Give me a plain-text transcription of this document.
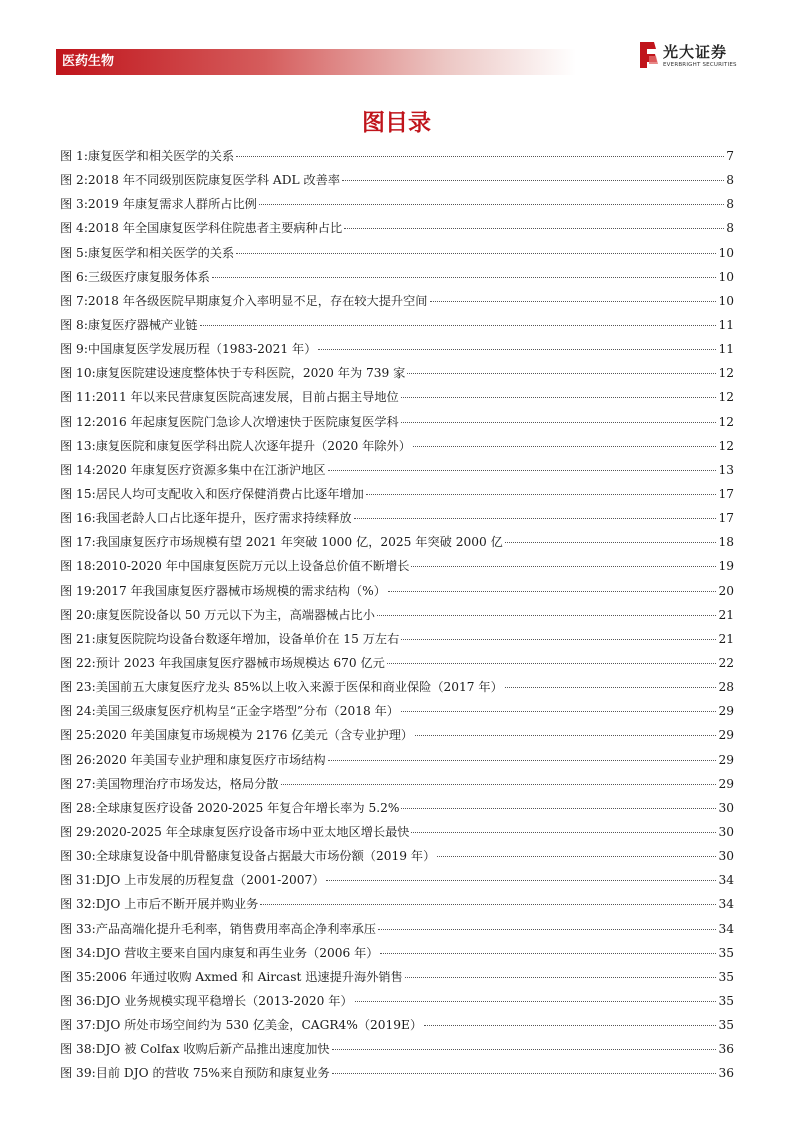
医药生物
光大证券
EVERBRIGHT SECURITIES
图目录
图 1: 康复医学和相关医学的关系	7
图 2: 2018 年不同级别医院康复医学科 ADL 改善率	8
图 3: 2019 年康复需求人群所占比例	8
图 4: 2018 年全国康复医学科住院患者主要病种占比	8
图 5: 康复医学和相关医学的关系	10
图 6: 三级医疗康复服务体系	10
图 7: 2018 年各级医院早期康复介入率明显不足，存在较大提升空间	10
图 8: 康复医疗器械产业链	11
图 9: 中国康复医学发展历程（1983-2021 年）	11
图 10: 康复医院建设速度整体快于专科医院，2020 年为 739 家	12
图 11: 2011 年以来民营康复医院高速发展，目前占据主导地位	12
图 12: 2016 年起康复医院门急诊人次增速快于医院康复医学科	12
图 13: 康复医院和康复医学科出院人次逐年提升（2020 年除外）	12
图 14: 2020 年康复医疗资源多集中在江浙沪地区	13
图 15: 居民人均可支配收入和医疗保健消费占比逐年增加	17
图 16: 我国老龄人口占比逐年提升，医疗需求持续释放	17
图 17: 我国康复医疗市场规模有望 2021 年突破 1000 亿，2025 年突破 2000 亿	18
图 18: 2010-2020 年中国康复医院万元以上设备总价值不断增长	19
图 19: 2017 年我国康复医疗器械市场规模的需求结构（%）	20
图 20: 康复医院设备以 50 万元以下为主，高端器械占比小	21
图 21: 康复医院院均设备台数逐年增加，设备单价在 15 万左右	21
图 22: 预计 2023 年我国康复医疗器械市场规模达 670 亿元	22
图 23: 美国前五大康复医疗龙头 85%以上收入来源于医保和商业保险（2017 年）	28
图 24: 美国三级康复医疗机构呈“正金字塔型”分布（2018 年）	29
图 25: 2020 年美国康复市场规模为 2176 亿美元（含专业护理）	29
图 26: 2020 年美国专业护理和康复医疗市场结构	29
图 27: 美国物理治疗市场发达，格局分散	29
图 28: 全球康复医疗设备 2020-2025 年复合年增长率为 5.2%	30
图 29: 2020-2025 年全球康复医疗设备市场中亚太地区增长最快	30
图 30: 全球康复设备中肌骨骼康复设备占据最大市场份额（2019 年）	30
图 31: DJO 上市发展的历程复盘（2001-2007）	34
图 32: DJO 上市后不断开展并购业务	34
图 33: 产品高端化提升毛利率，销售费用率高企净利率承压	34
图 34: DJO 营收主要来自国内康复和再生业务（2006 年）	35
图 35: 2006 年通过收购 Axmed 和 Aircast 迅速提升海外销售	35
图 36: DJO 业务规模实现平稳增长（2013-2020 年）	35
图 37: DJO 所处市场空间约为 530 亿美金，CAGR4%（2019E）	35
图 38: DJO 被 Colfax 收购后新产品推出速度加快	36
图 39: 目前 DJO 的营收 75%来自预防和康复业务	36
